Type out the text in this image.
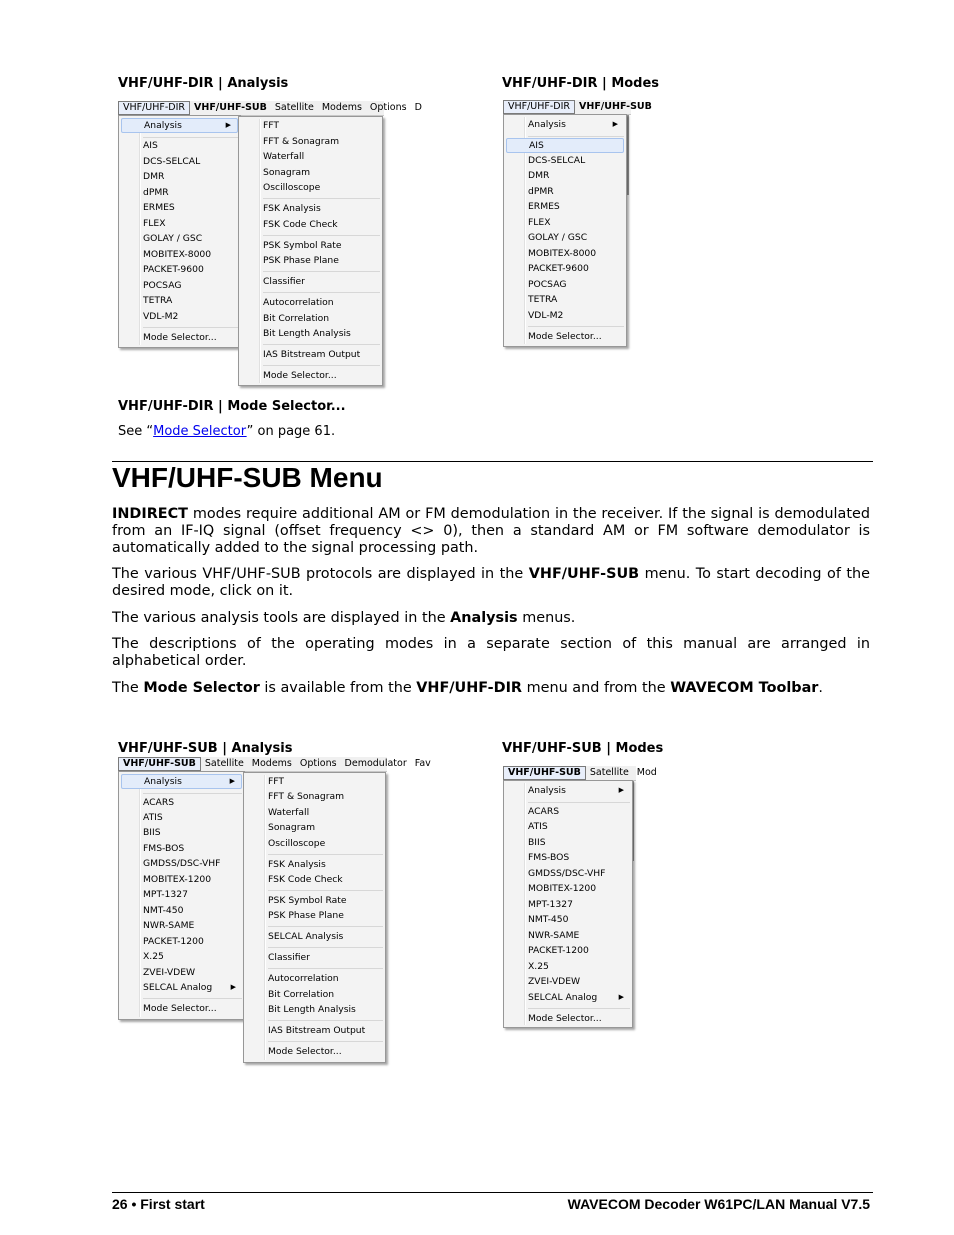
VHF/UHF-DIR | Analysis	VHF/UHF-DIR | Modes
VHF/UHF-DIR VHF/UHF-SUB Satellite Modems Options D
Analysis	▶
AIS
DCS-SELCAL
DMR
dPMR
ERMES
FLEX
GOLAY / GSC
MOBITEX-8000
PACKET-9600
POCSAG
TETRA
VDL-M2
Mode Selector...
FFT
FFT & Sonagram
Waterfall
Sonagram
Oscilloscope
FSK Analysis
FSK Code Check
PSK Symbol Rate
PSK Phase Plane
Classifier
Autocorrelation
Bit Correlation
Bit Length Analysis
IAS Bitstream Output
Mode Selector...
VHF/UHF-DIR VHF/UHF-SUB
Analysis	▶
AIS
DCS-SELCAL
DMR
dPMR
ERMES
FLEX
GOLAY / GSC
MOBITEX-8000
PACKET-9600
POCSAG
TETRA
VDL-M2
Mode Selector...
VHF/UHF-DIR | Mode Selector...
See “Mode Selector” on page 61.
VHF/UHF-SUB Menu

INDIRECT modes require additional AM or FM demodulation in the receiver. If the signal is demodulated from an IF-IQ signal (offset frequency <> 0), then a standard AM or FM software demodulator is automatically added to the signal processing path.

The various VHF/UHF-SUB protocols are displayed in the VHF/UHF-SUB menu. To start decoding of the desired mode, click on it.

The various analysis tools are displayed in the Analysis menus.

The descriptions of the operating modes in a separate section of this manual are arranged in alphabetical order.

The Mode Selector is available from the VHF/UHF-DIR menu and from the WAVECOM Toolbar.

VHF/UHF-SUB | Analysis	VHF/UHF-SUB | Modes
VHF/UHF-SUB Satellite Modems Options Demodulator Fav
Analysis	▶
ACARS
ATIS
BIIS
FMS-BOS
GMDSS/DSC-VHF
MOBITEX-1200
MPT-1327
NMT-450
NWR-SAME
PACKET-1200
X.25
ZVEI-VDEW
SELCAL Analog	▶
Mode Selector...
FFT
FFT & Sonagram
Waterfall
Sonagram
Oscilloscope
FSK Analysis
FSK Code Check
PSK Symbol Rate
PSK Phase Plane
SELCAL Analysis
Classifier
Autocorrelation
Bit Correlation
Bit Length Analysis
IAS Bitstream Output
Mode Selector...
VHF/UHF-SUB Satellite Mod
Analysis	▶
ACARS
ATIS
BIIS
FMS-BOS
GMDSS/DSC-VHF
MOBITEX-1200
MPT-1327
NMT-450
NWR-SAME
PACKET-1200
X.25
ZVEI-VDEW
SELCAL Analog	▶
Mode Selector...
26 • First start	WAVECOM Decoder W61PC/LAN Manual V7.5
